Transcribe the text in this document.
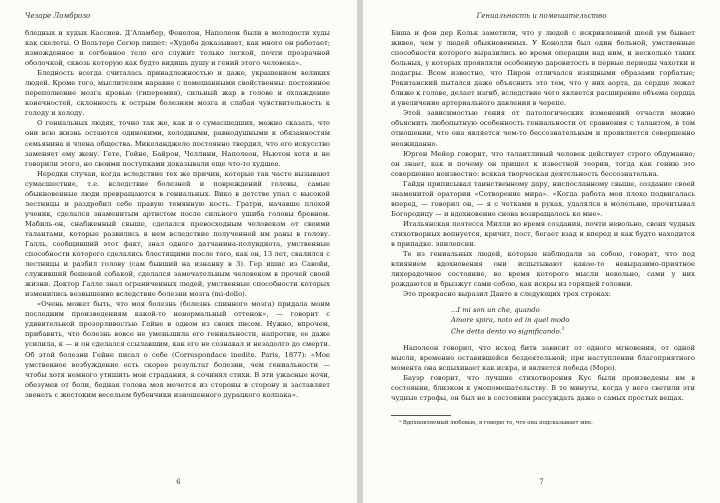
Чезаре Ломброзо

бледных и худых Кассиев. Д'Аламбер, Фенелон, Наполеон были в молодости худы как скелеты. О Вольтере Сегюр пишет: «Худоба доказывает, как много он работает; изможденное и согбенное тело его служит только легкой, почти прозрачной оболочкой, сквозь которую как будто видишь душу и гений этого человека».

Бледность всегда считалась принадлежностью и даже, украшением великих людей. Кроме того, мыслителям наравне с помешанными свойственны: постоянное переполнение мозга кровью (гиперемия), сильный жар в голове и охлаждение конечностей, склонность к острым болезням мозга и слабая чувствительность к голоду и холоду.

О гениальных людях, точно так же, как и о сумасшедших, можно сказать, что они всю жизнь остаются одинокими, холодными, равнодушными к обязанностям семьянина и члена общества. Микеланджело постоянно твердил, что его искусство заменяет ему жену. Гете, Гейне, Байрон, Челлини, Наполеон, Ньютон хотя и не говорили этого, но своими поступками доказывали еще что-то худшее.

Нередки случаи, когда вследствие тех же причин, которые так часто вызывают сумасшествие, т.е. вследствие болезней и повреждений головы, самые обыкновенные люди превращаются в гениальных. Вико в детстве упал с высокой лестницы и раздробил себе правую темянную кость. Гратри, начавше плохой ученик, сделался знаменитым артистом после сильного ушиба головы бревном. Мабиль-он, снабженный свыше, сделался превосходным человеком от своими талантами, которые развились в нем вследствие полученной им раны в голову. Галль, сообщивший этот факт, знал одного датчанина-полуидиота, умственные способности которого сделались блестящими после того, как он, 13 лет, свалился с лестницы и разбил голову (сам бывший на изнанку в 3). Гер ишис из Савойи, служивший бешеной собакой, сделался замечательным человеком в прочей своей жизни. Доктор Галле знал ограниченных людей, умственные способности которых изменились возвышенно вследствие болезни мозга (mi-dollo).

«Очень может быть, что моя болезнь (болезнь спинного мозга) придала моим последним произведениям какой-то ненормальный оттенок», — говорит с удивительной прозорливостью Гейне в одном из своих писем. Нужно, впрочем, прибавить, что болезнь вовсе не уменьшила его гениальности, напротив, ее даже усилила, к — и он сделался ссылавшим, как его не сознавал и незадолго до смерти. Об этой болезни Гейне писал о себе (Correspondace inedite. Paris, 1877): «Мое умственное возбуждение есть скорее результат болезни, чем гениальности — чтобы хотя немного утишить мои страдания, я сочинял стихи. В эти ужасные ночи, обезумев от боли, бедная голова моя мечется из стороны в сторону и заставляет звенеть с жестоким весельем бубенчики изношенного дурацкого колпака».

6
Гениальность и помешательство

Биша и фон дер Кольк заметили, что у людей с искривленной шеей ум бывает живее, чем у людей обыкновенных. У Конолли был один больной, умственные способности которого выразились во время операции над ним, и несколько таких больных, у которых проявляли особенную даровитость в первые периоды чахотки и подагры. Всем известно, что Пирон отличался изящными образами горбатые; Рокитанский пытался даже объяснить это тем, что у них аорта, да сердце лежат ближе к голове, делает изгиб, вследствие чего является расширение объема сердца и увеличение артериального давления в черепе.

Этой зависимостью гения от патологических изменений отчасти можно объяснить любопытную особенность гениальности от сравнения с талантом, в том отношении, что она является чем-то бессознательным и проявляется совершенно неожиданно.

Юрген Мейер говорит, что талантливый человек действует строго обдуманно; он знает, как и почему он пришел к известной теории, тогда как гению это совершенно неизвестно: всякая творческая деятельность бессознательна.

Гайдн приписывал таинственному дару, ниспосланному свыше, создание своей знаменитой оратории «Сотворение мира». «Когда работа моя плохо подвигалась вперед, — говорил он, — я с четками в руках, удалялся в молельню, прочитывал Богородицу — и вдохновение снова возвращалось ко мне».

Итальянская поэтесса Милли во время создания, почти невольно, своих чудных стихотворных вопнуется, кричит, пост, бегает взад и вперед и как будто находится в припадке. эпилепсии.

Те из гениальных людей, которые наблюдали за собою, говорят, что под влиянием вдохновения они испытывают какое-то невыразимо-приятное лихорадочное состояние, во время которого мысли невольно, сами у них рождаются и брызжут сами собою, как искры из горящей головни.

Это прекрасно выразил Данте в следующих трех строках:

...I mi son un che, quando
Amore spira, noto ed in quel modo
Che detta dento vo significando.$^1$

Наполеон говорил, что исход битв зависит от одного мгновения, от одной мысли, временно оставившейся бездеятельной; при наступлении благоприятного момента она вспыхивает как искра, и является победа (Моро).

Бауэр говорит, что лучшие стихотворения Кус были произведены им в состоянии, близком к умопомешательству. В те минуты, когда у него светили эти чудные строфы, он был не в состоянии рассуждать даже о самых простых вещах.

¹ Вдохновляемый любовью, я говорю то, что она подсказывает мне.
7
